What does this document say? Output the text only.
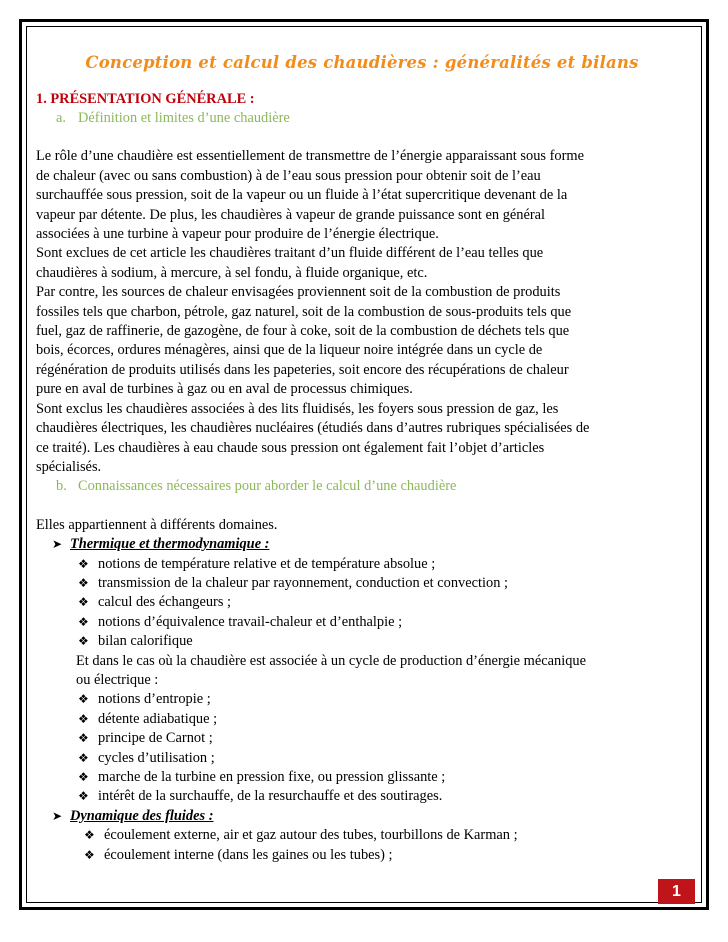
Conception et calcul des chaudières : généralités et bilans
1. PRÉSENTATION GÉNÉRALE :
a. Définition et limites d’une chaudière
Le rôle d’une chaudière est essentiellement de transmettre de l’énergie apparaissant sous forme
de chaleur (avec ou sans combustion) à de l’eau sous pression pour obtenir soit de l’eau
surchauffée sous pression, soit de la vapeur ou un fluide à l’état supercritique devenant de la
vapeur par détente. De plus, les chaudières à vapeur de grande puissance sont en général
associées à une turbine à vapeur pour produire de l’énergie électrique.
Sont exclues de cet article les chaudières traitant d’un fluide différent de l’eau telles que
chaudières à sodium, à mercure, à sel fondu, à fluide organique, etc.
Par contre, les sources de chaleur envisagées proviennent soit de la combustion de produits
fossiles tels que charbon, pétrole, gaz naturel, soit de la combustion de sous-produits tels que
fuel, gaz de raffinerie, de gazogène, de four à coke, soit de la combustion de déchets tels que
bois, écorces, ordures ménagères, ainsi que de la liqueur noire intégrée dans un cycle de
régénération de produits utilisés dans les papeteries, soit encore des récupérations de chaleur
pure en aval de turbines à gaz ou en aval de processus chimiques.
Sont exclus les chaudières associées à des lits fluidisés, les foyers sous pression de gaz, les
chaudières électriques, les chaudières nucléaires (étudiés dans d’autres rubriques spécialisées de
ce traité). Les chaudières à eau chaude sous pression ont également fait l’objet d’articles
spécialisés.
b. Connaissances nécessaires pour aborder le calcul d’une chaudière
Elles appartiennent à différents domaines.
➤ Thermique et thermodynamique :
❖ notions de température relative et de température absolue ;
❖ transmission de la chaleur par rayonnement, conduction et convection ;
❖ calcul des échangeurs ;
❖ notions d’équivalence travail-chaleur et d’enthalpie ;
❖ bilan calorifique
Et dans le cas où la chaudière est associée à un cycle de production d’énergie mécanique
ou électrique :
❖ notions d’entropie ;
❖ détente adiabatique ;
❖ principe de Carnot ;
❖ cycles d’utilisation ;
❖ marche de la turbine en pression fixe, ou pression glissante ;
❖ intérêt de la surchauffe, de la resurchauffe et des soutirages.
➤ Dynamique des fluides :
❖ écoulement externe, air et gaz autour des tubes, tourbillons de Karman ;
❖ écoulement interne (dans les gaines ou les tubes) ;
1
